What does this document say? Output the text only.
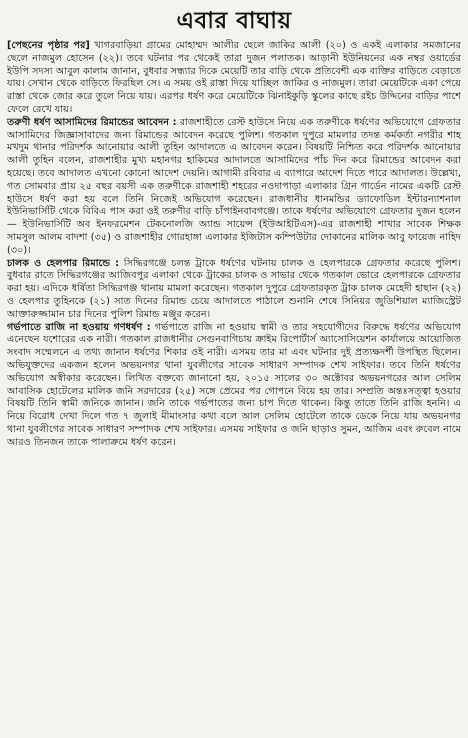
এবার বাঘায়

[পেছনের পৃষ্ঠার পর] খাগরবাড়িয়া গ্রামের মোহাম্মদ আলীর ছেলে জাকির আলী (২০) ও একই এলাকার সমজানের ছেলে নাজমুল হোসেন (২২)। তবে ঘটনার পর থেকেই তারা দুজন পলাতক। আড়ানী ইউনিয়নের এক নম্বর ওয়ার্ডের ইউপি সদস্য আবুল কালাম জানান, বুধবার সন্ধ্যার দিকে মেয়েটি তার বাড়ি থেকে প্রতিবেশী এক ব্যক্তির বাড়িতে বেড়াতে যায়। সেখান থেকে বাড়িতে ফিরছিল সে। এ সময় ওই রাস্তা দিয়ে যাচ্ছিল জাকির ও নাজমুল। তারা মেয়েটিকে একা পেয়ে রাস্তা থেকে জোর করে তুলে নিয়ে যায়। এরপর ধর্ষণ করে মেয়েটিকে ঝিনাইকুড়ি স্কুলের কাছে রইচ উদ্দিনের বাড়ির পাশে ফেলে রেখে যায়।

তরুণী ধর্ষণ আসামিদের রিমান্ডের আবেদন : রাজশাহীতে রেস্ট হাউসে নিয়ে এক তরুণীকে ধর্ষণের অভিযোগে গ্রেফতার আসামিদের জিজ্ঞাসাবাদের জন্য রিমান্ডের আবেদন করেছে পুলিশ। গতকাল দুপুরে মামলার তদন্ত কর্মকর্তা নগরীর শাহ মখদুম থানার পরিদর্শক আনোয়ার আলী তুহিন আদালতে এ আবেদন করেন। বিষয়টি নিশ্চিত করে পরিদর্শক আনোয়ার আলী তুহিন বলেন, রাজশাহীর মুখ্য মহানগর হাকিমের আদালতে আসামিদের পাঁচ দিন করে রিমান্ডের আবেদন করা হয়েছে। তবে আদালত এখনো কোনো আদেশ দেয়নি। আগামী রবিবার এ ব্যাপারে আদেশ দিতে পারে আদালত। উল্লেখ্য, গত সোমবার প্রায় ২৫ বছর বয়সী এক তরুণীকে রাজশাহী শহরের নওদাপাড়া এলাকার গ্রিন গার্ডেন নামের একটি রেস্ট হাউসে ধর্ষণ করা হয় বলে তিনি নিজেই অভিযোগ করেছেন। রাজধানীর ধানমন্ডির ড্যাফোডিল ইন্টারন্যাশনাল ইউনিভার্সিটি থেকে বিবিএ পাস করা ওই তরুণীর বাড়ি চাঁপাইনবাবগঞ্জে। তাকে ধর্ষণের অভিযোগে গ্রেফতার দুজন হলেন— ইউনিভার্সিটি অব ইনফরমেশন টেকনোলজি অ্যান্ড সায়েন্স (ইউআইটিএস)-এর রাজশাহী শাখার সাবেক শিক্ষক সামসুল আলম বাদশা (৩৫) ও রাজশাহীর গোরহাঙ্গা এলাকার ইজিটাস কম্পিউটার দোকানের মালিক আবু ফায়েজ নাহিদ (৩০)।

চালক ও হেলপার রিমান্ডে : সিদ্ধিরগঞ্জে চলন্ত ট্রাকে ধর্ষণের ঘটনায় চালক ও হেলপারকে গ্রেফতার করেছে পুলিশ। বুধবার রাতে সিদ্ধিরগঞ্জের আজিবপুর এলাকা থেকে ট্রাকের চালক ও সাভার থেকে গতকাল ভোরে হেলপারকে গ্রেফতার করা হয়। এদিকে ধর্ষিতা সিদ্ধিরগঞ্জ থানায় মামলা করেছেন। গতকাল দুপুরে গ্রেফতারকৃত ট্রাক চালক মেহেদী হাছান (২২) ও হেলপার তুহিনকে (২১) সাত দিনের রিমান্ড চেয়ে আদালতে পাঠালে শুনানি শেষে সিনিয়র জুডিশিয়াল ম্যাজিস্ট্রেট আক্তারুজ্জামান চার দিনের পুলিশ রিমান্ড মঞ্জুর করেন।

গর্ভপাতে রাজি না হওয়ায় গণধর্ষণ : গর্ভপাতে রাজি না হওয়ায় স্বামী ও তার সহযোগীদের বিরুদ্ধে ধর্ষণের অভিযোগ এনেছেন যশোরের এক নারী। গতকাল রাজধানীর সেগুনবাগিচায় ক্রাইম রিপোর্টার্স অ্যাসোসিয়েশন কার্যালয়ে আয়োজিত সংবাদ সম্মেলনে এ তথ্য জানান ধর্ষণের শিকার ওই নারী। এসময় তার মা এবং ঘটনার দুই প্রত্যক্ষদর্শী উপস্থিত ছিলেন। অভিযুক্তদের একজন হলেন অভয়নগর থানা যুবলীগের সাবেক সাধারণ সম্পাদক শেখ সাইফার। তবে তিনি ধর্ষণের অভিযোগ অস্বীকার করেছেন। লিখিত বক্তব্যে জানানো হয়, ২০১৫ সালের ৩০ অক্টোবর অভয়নগরের আল সেলিম আবাসিক হোটেলের মালিক জনি সরদারের (২৫) সঙ্গে প্রেমের পর গোপনে বিয়ে হয় তার। সম্প্রতি অন্তঃসত্ত্বা হওয়ার বিষয়টি তিনি স্বামী জনিকে জানান। জনি তাকে গর্ভপাতের জন্য চাপ দিতে থাকেন। কিন্তু তাতে তিনি রাজি হননি। এ নিয়ে বিরোধ দেখা দিলে গত ৭ জুলাই মীমাংসার কথা বলে আল সেলিম হোটেলে তাকে ডেকে নিয়ে যায় অভয়নগর থানা যুবলীগের সাবেক সাধারণ সম্পাদক শেখ সাইফার। এসময় সাইফার ও জনি ছাড়াও সুমন, আজিম এবং রুবেল নামে আরও তিনজন তাকে পালাক্রমে ধর্ষণ করেন।
